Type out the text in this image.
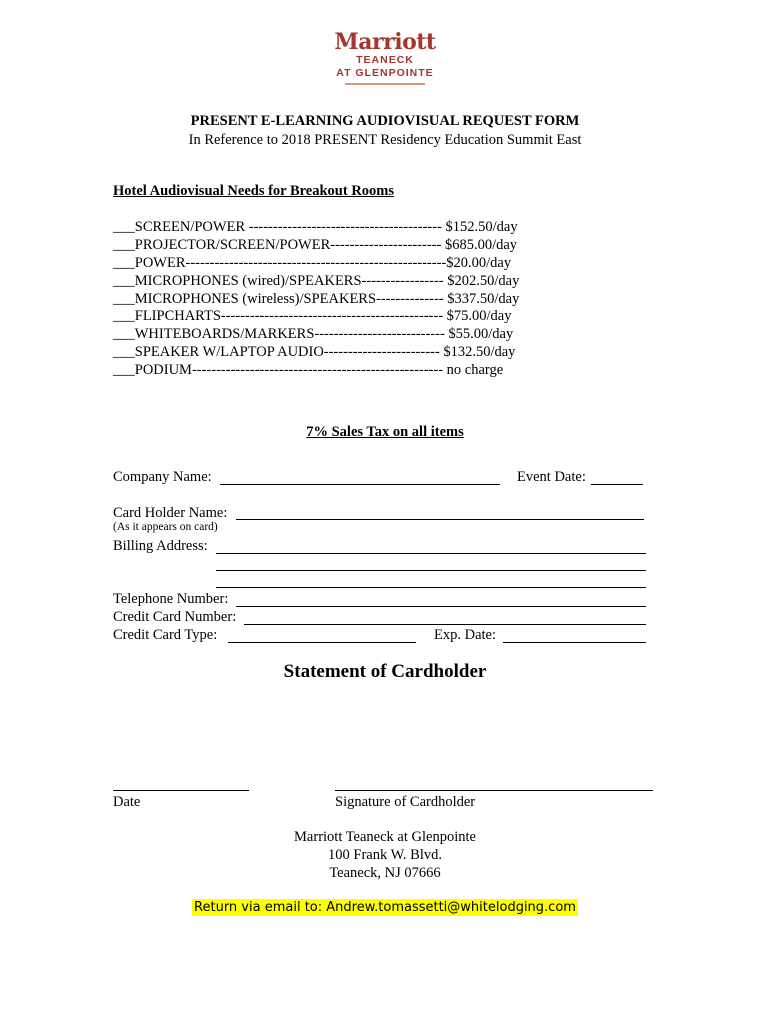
Marriott
TEANECK
AT GLENPOINTE
PRESENT E-LEARNING AUDIOVISUAL REQUEST FORM
In Reference to 2018 PRESENT Residency Education Summit East
Hotel Audiovisual Needs for Breakout Rooms
___SCREEN/POWER ---------------------------------------- $152.50/day
___PROJECTOR/SCREEN/POWER----------------------- $685.00/day
___POWER------------------------------------------------------$20.00/day
___MICROPHONES (wired)/SPEAKERS----------------- $202.50/day
___MICROPHONES (wireless)/SPEAKERS-------------- $337.50/day
___FLIPCHARTS---------------------------------------------- $75.00/day
___WHITEBOARDS/MARKERS--------------------------- $55.00/day
___SPEAKER W/LAPTOP AUDIO------------------------ $132.50/day
___PODIUM---------------------------------------------------- no charge
7% Sales Tax on all items
Company Name:	Event Date:
Card Holder Name:
(As it appears on card)
Billing Address:
Telephone Number:
Credit Card Number:
Credit Card Type:	Exp. Date:
Statement of Cardholder
Date	Signature of Cardholder
Marriott Teaneck at Glenpointe
100 Frank W. Blvd.
Teaneck, NJ 07666
Return via email to: Andrew.tomassetti@whitelodging.com
